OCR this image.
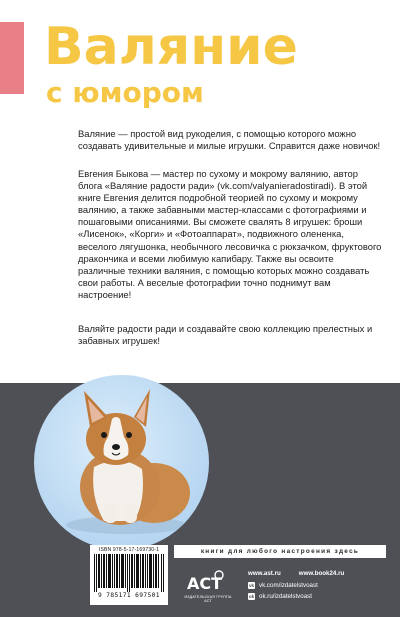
Валяние
с юмором

Валяние — простой вид рукоделия, с помощью которого можно создавать удивительные и милые игрушки. Справится даже новичок!

Евгения Быкова — мастер по сухому и мокрому валянию, автор блога «Валяние радости ради» (vk.com/valyanieradostiradi). В этой книге Евгения делится подробной теорией по сухому и мокрому валянию, а также забавными мастер-классами с фотографиями и пошаговыми описаниями. Вы сможете свалять 8 игрушек: броши «Лисенок», «Корги» и «Фотоаппарат», подвижного олененка, веселого лягушонка, необычного лесовичка с рюкзачком, фруктового дракончика и всеми любимую капибару. Также вы освоите различные техники валяния, с помощью которых можно создавать свои работы. А веселые фотографии точно поднимут вам настроение!

Валяйте радости ради и создавайте свою коллекцию прелестных и забавных игрушек!

книги для любого настроения здесь
ISBN 978-5-17-169730-1
9 785171 697501
АСТ
ИЗДАТЕЛЬСКАЯ ГРУППА АСТ
www.ast.ru	www.book24.ru
vk vk.com/izdatelstvoast
ok ok.ru/izdatelstvoast
